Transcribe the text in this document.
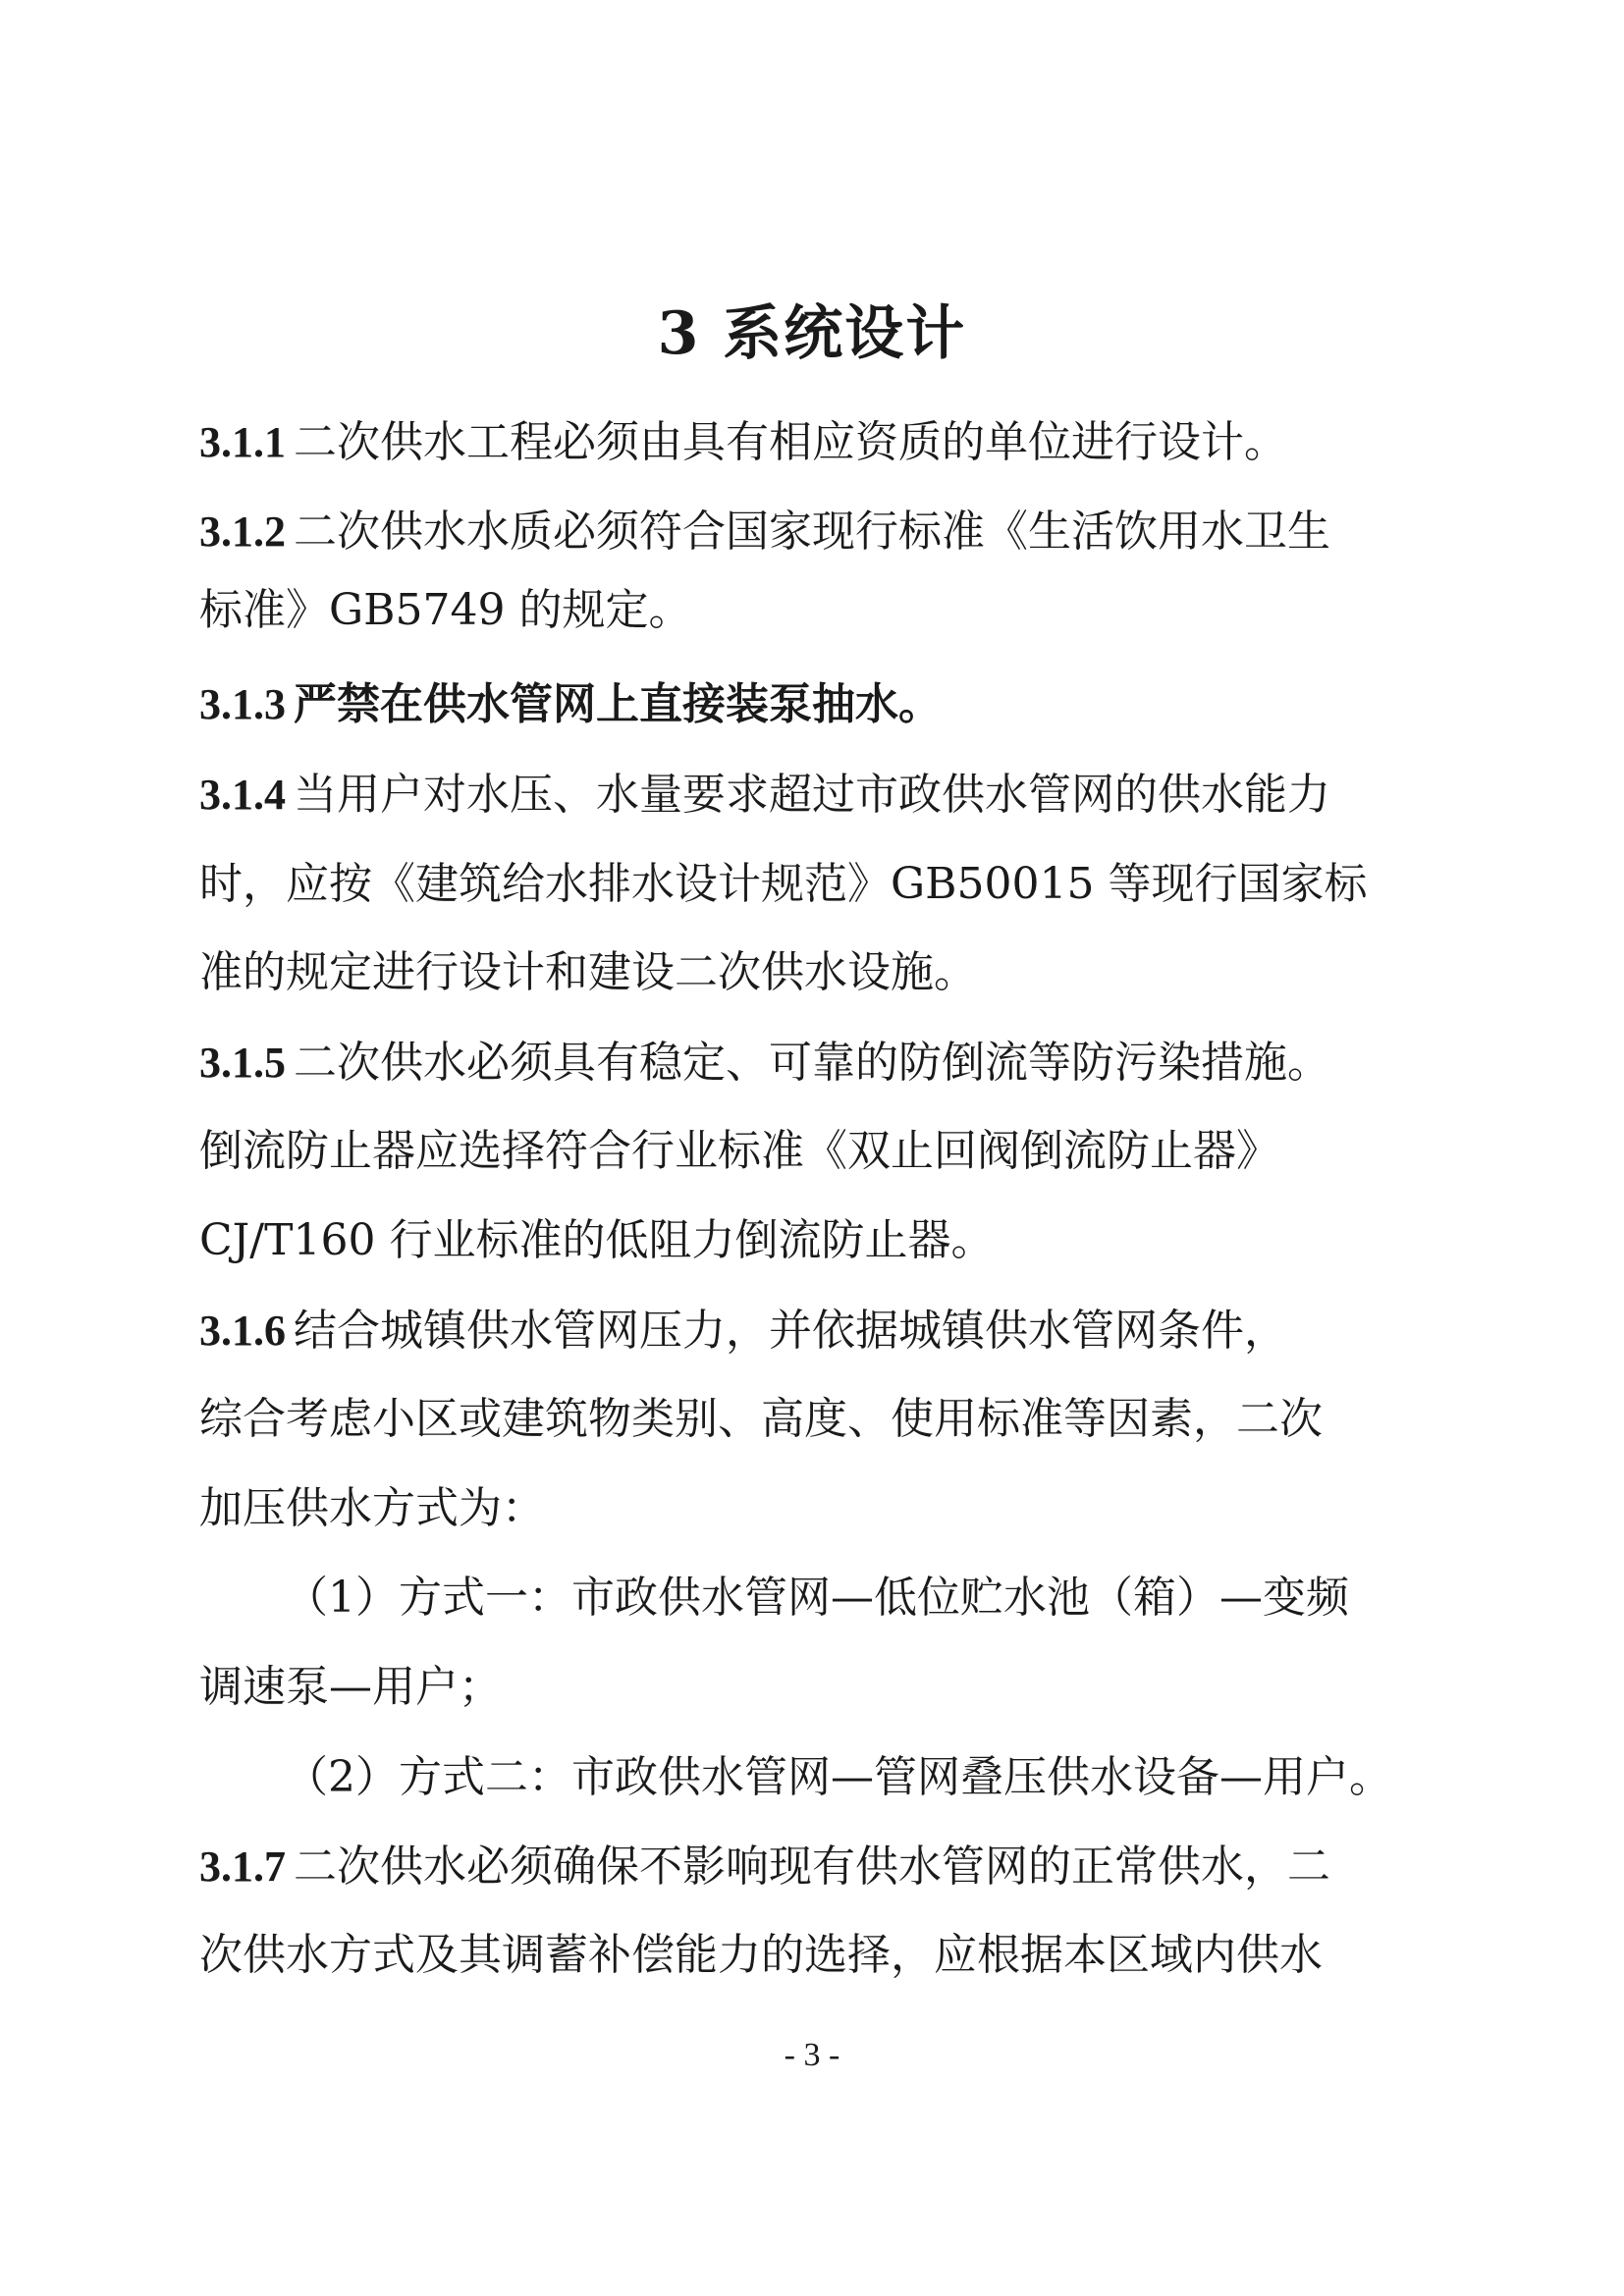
3 系统设计
3.1.1 二次供水工程必须由具有相应资质的单位进行设计。
3.1.2 二次供水水质必须符合国家现行标准《生活饮用水卫生
标准》GB5749 的规定。
3.1.3 严禁在供水管网上直接装泵抽水。
3.1.4 当用户对水压、水量要求超过市政供水管网的供水能力
时，应按《建筑给水排水设计规范》GB50015 等现行国家标
准的规定进行设计和建设二次供水设施。
3.1.5 二次供水必须具有稳定、可靠的防倒流等防污染措施。
倒流防止器应选择符合行业标准《双止回阀倒流防止器》
CJ/T160 行业标准的低阻力倒流防止器。
3.1.6 结合城镇供水管网压力，并依据城镇供水管网条件，
综合考虑小区或建筑物类别、高度、使用标准等因素，二次
加压供水方式为：
（1）方式一：市政供水管网—低位贮水池（箱）—变频
调速泵—用户；
（2）方式二：市政供水管网—管网叠压供水设备—用户。
3.1.7 二次供水必须确保不影响现有供水管网的正常供水，二
次供水方式及其调蓄补偿能力的选择，应根据本区域内供水
- 3 -
